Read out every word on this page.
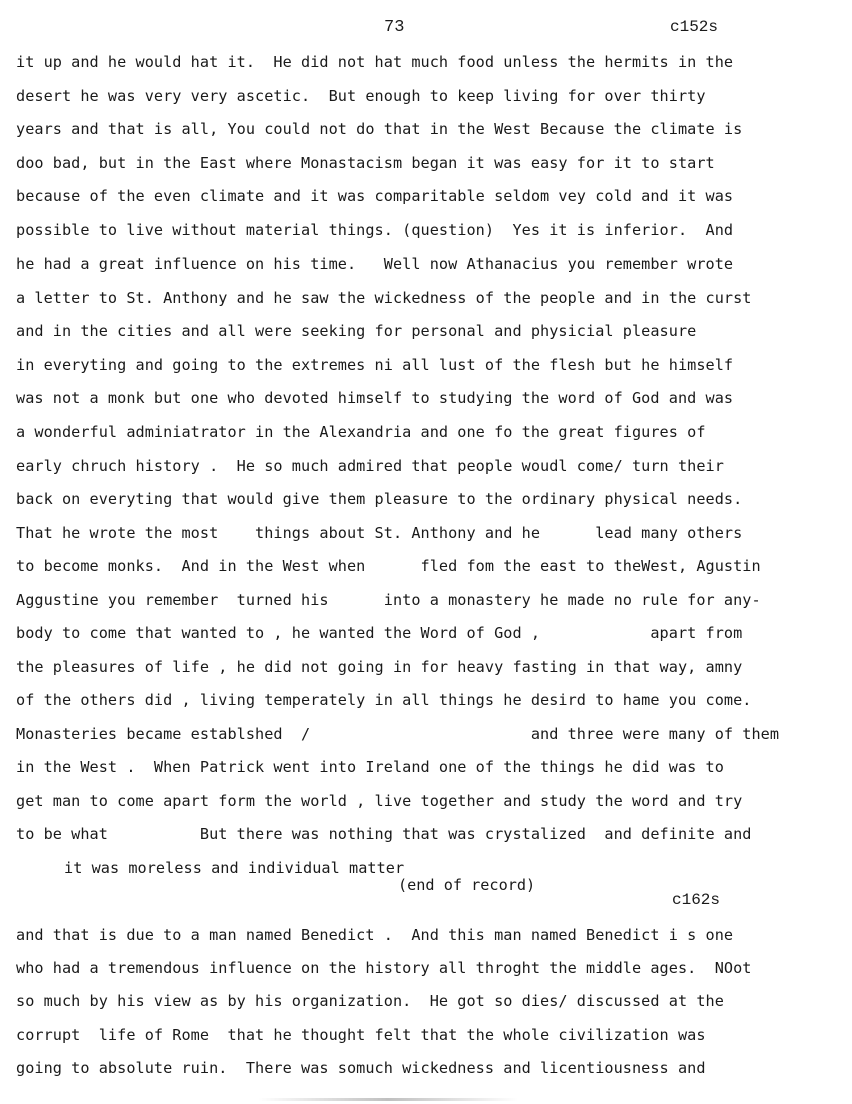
73	c152s
it up and he would hat it.  He did not hat much food unless the hermits in the
desert he was very very ascetic.  But enough to keep living for over thirty
years and that is all, You could not do that in the West Because the climate is
doo bad, but in the East where Monastacism began it was easy for it to start
because of the even climate and it was comparitable seldom vey cold and it was
possible to live without material things. (question)  Yes it is inferior.  And
he had a great influence on his time.   Well now Athanacius you remember wrote
a letter to St. Anthony and he saw the wickedness of the people and in the curst
and in the cities and all were seeking for personal and physicial pleasure
in everyting and going to the extremes ni all lust of the flesh but he himself
was not a monk but one who devoted himself to studying the word of God and was
a wonderful adminiatrator in the Alexandria and one fo the great figures of
early chruch history .  He so much admired that people woudl come/ turn their
back on everyting that would give them pleasure to the ordinary physical needs.
That he wrote the most    things about St. Anthony and he      lead many others
to become monks.  And in the West when      fled fom the east to theWest, Agustin
Aggustine you remember  turned his      into a monastery he made no rule for any-
body to come that wanted to , he wanted the Word of God ,            apart from
the pleasures of life , he did not going in for heavy fasting in that way, amny
of the others did , living temperately in all things he desird to hame you come.
Monasteries became establshed  /                        and three were many of them
in the West .  When Patrick went into Ireland one of the things he did was to
get man to come apart form the world , live together and study the word and try
to be what          But there was nothing that was crystalized  and definite and
it was moreless and individual matter
(end of record)
c162s
and that is due to a man named Benedict .  And this man named Benedict i s one
who had a tremendous influence on the history all throght the middle ages.  NOot
so much by his view as by his organization.  He got so dies/ discussed at the
corrupt  life of Rome  that he thought felt that the whole civilization was
going to absolute ruin.  There was somuch wickedness and licentiousness and
